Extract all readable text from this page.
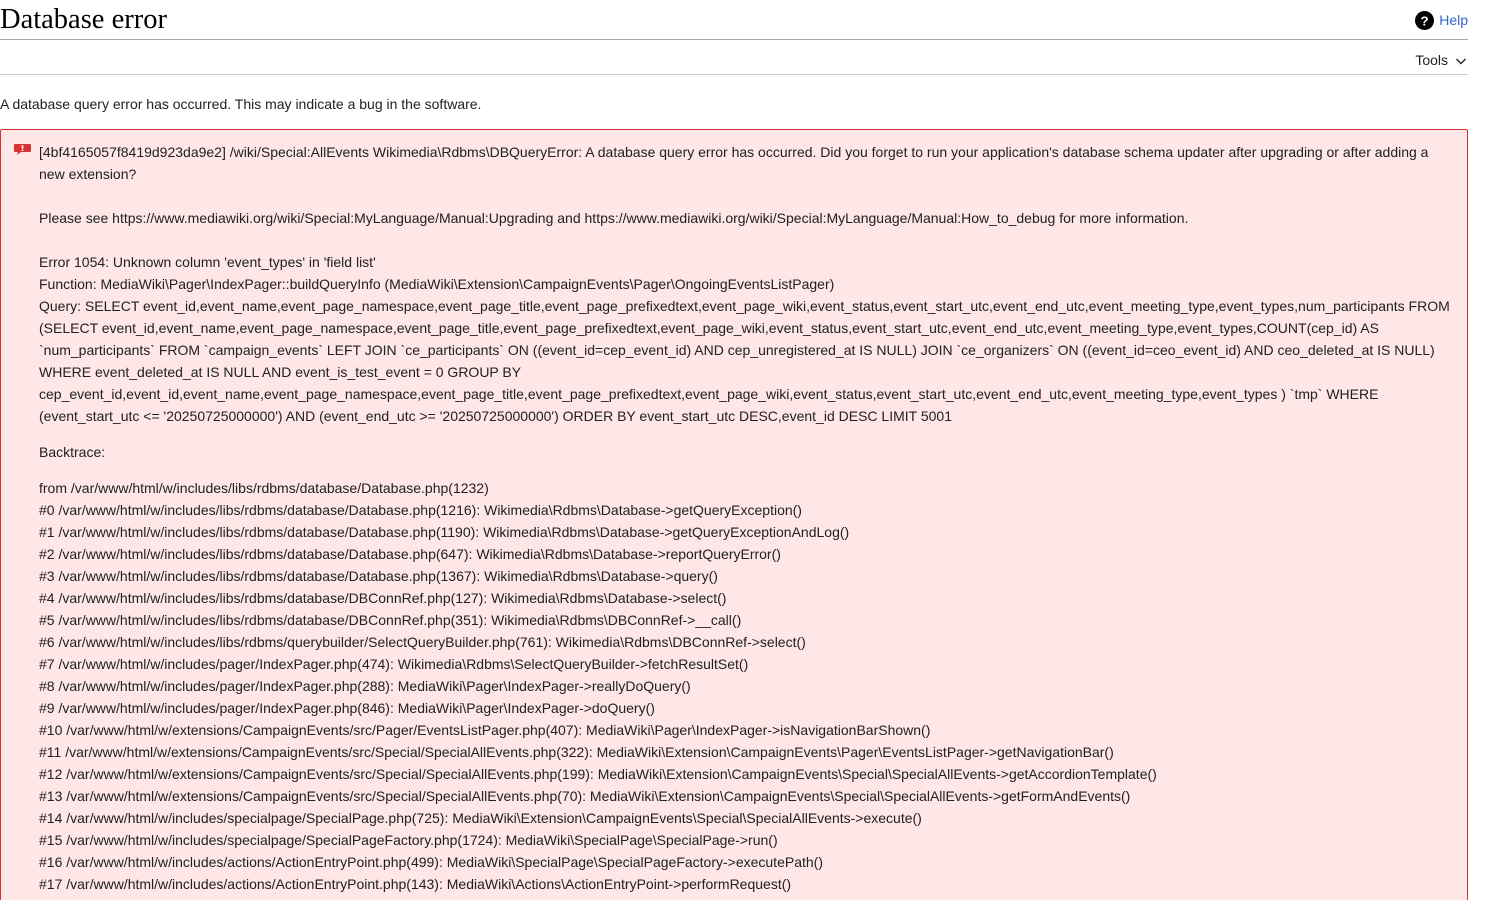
Database error	? Help
Tools

A database query error has occurred. This may indicate a bug in the software.

[4bf4165057f8419d923da9e2] /wiki/Special:AllEvents Wikimedia\Rdbms\DBQueryError: A database query error has occurred. Did you forget to run your application's database schema updater after upgrading or after adding a new extension?
Please see https://www.mediawiki.org/wiki/Special:MyLanguage/Manual:Upgrading and https://www.mediawiki.org/wiki/Special:MyLanguage/Manual:How_to_debug for more information.
Error 1054: Unknown column 'event_types' in 'field list'
Function: MediaWiki\Pager\IndexPager::buildQueryInfo (MediaWiki\Extension\CampaignEvents\Pager\OngoingEventsListPager)
Query: SELECT event_id,event_name,event_page_namespace,event_page_title,event_page_prefixedtext,event_page_wiki,event_status,event_start_utc,event_end_utc,event_meeting_type,event_types,num_participants FROM (SELECT event_id,event_name,event_page_namespace,event_page_title,event_page_prefixedtext,event_page_wiki,event_status,event_start_utc,event_end_utc,event_meeting_type,event_types,COUNT(cep_id) AS `num_participants` FROM `campaign_events` LEFT JOIN `ce_participants` ON ((event_id=cep_event_id) AND cep_unregistered_at IS NULL) JOIN `ce_organizers` ON ((event_id=ceo_event_id) AND ceo_deleted_at IS NULL) WHERE event_deleted_at IS NULL AND event_is_test_event = 0 GROUP BY cep_event_id,event_id,event_name,event_page_namespace,event_page_title,event_page_prefixedtext,event_page_wiki,event_status,event_start_utc,event_end_utc,event_meeting_type,event_types ) `tmp` WHERE (event_start_utc <= '20250725000000') AND (event_end_utc >= '20250725000000') ORDER BY event_start_utc DESC,event_id DESC LIMIT 5001
Backtrace:
from /var/www/html/w/includes/libs/rdbms/database/Database.php(1232)
#0 /var/www/html/w/includes/libs/rdbms/database/Database.php(1216): Wikimedia\Rdbms\Database->getQueryException()
#1 /var/www/html/w/includes/libs/rdbms/database/Database.php(1190): Wikimedia\Rdbms\Database->getQueryExceptionAndLog()
#2 /var/www/html/w/includes/libs/rdbms/database/Database.php(647): Wikimedia\Rdbms\Database->reportQueryError()
#3 /var/www/html/w/includes/libs/rdbms/database/Database.php(1367): Wikimedia\Rdbms\Database->query()
#4 /var/www/html/w/includes/libs/rdbms/database/DBConnRef.php(127): Wikimedia\Rdbms\Database->select()
#5 /var/www/html/w/includes/libs/rdbms/database/DBConnRef.php(351): Wikimedia\Rdbms\DBConnRef->__call()
#6 /var/www/html/w/includes/libs/rdbms/querybuilder/SelectQueryBuilder.php(761): Wikimedia\Rdbms\DBConnRef->select()
#7 /var/www/html/w/includes/pager/IndexPager.php(474): Wikimedia\Rdbms\SelectQueryBuilder->fetchResultSet()
#8 /var/www/html/w/includes/pager/IndexPager.php(288): MediaWiki\Pager\IndexPager->reallyDoQuery()
#9 /var/www/html/w/includes/pager/IndexPager.php(846): MediaWiki\Pager\IndexPager->doQuery()
#10 /var/www/html/w/extensions/CampaignEvents/src/Pager/EventsListPager.php(407): MediaWiki\Pager\IndexPager->isNavigationBarShown()
#11 /var/www/html/w/extensions/CampaignEvents/src/Special/SpecialAllEvents.php(322): MediaWiki\Extension\CampaignEvents\Pager\EventsListPager->getNavigationBar()
#12 /var/www/html/w/extensions/CampaignEvents/src/Special/SpecialAllEvents.php(199): MediaWiki\Extension\CampaignEvents\Special\SpecialAllEvents->getAccordionTemplate()
#13 /var/www/html/w/extensions/CampaignEvents/src/Special/SpecialAllEvents.php(70): MediaWiki\Extension\CampaignEvents\Special\SpecialAllEvents->getFormAndEvents()
#14 /var/www/html/w/includes/specialpage/SpecialPage.php(725): MediaWiki\Extension\CampaignEvents\Special\SpecialAllEvents->execute()
#15 /var/www/html/w/includes/specialpage/SpecialPageFactory.php(1724): MediaWiki\SpecialPage\SpecialPage->run()
#16 /var/www/html/w/includes/actions/ActionEntryPoint.php(499): MediaWiki\SpecialPage\SpecialPageFactory->executePath()
#17 /var/www/html/w/includes/actions/ActionEntryPoint.php(143): MediaWiki\Actions\ActionEntryPoint->performRequest()
